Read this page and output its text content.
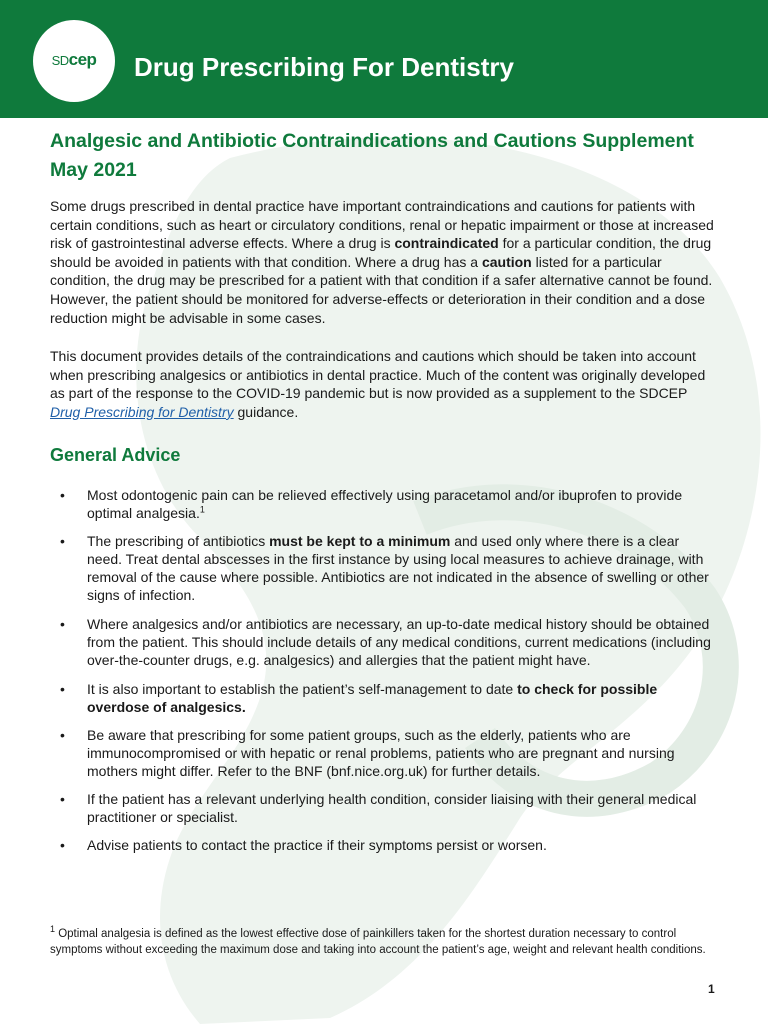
SDcep	Drug Prescribing For Dentistry
Analgesic and Antibiotic Contraindications and Cautions Supplement May 2021

Some drugs prescribed in dental practice have important contraindications and cautions for patients with certain conditions, such as heart or circulatory conditions, renal or hepatic impairment or those at increased risk of gastrointestinal adverse effects. Where a drug is contraindicated for a particular condition, the drug should be avoided in patients with that condition. Where a drug has a caution listed for a particular condition, the drug may be prescribed for a patient with that condition if a safer alternative cannot be found. However, the patient should be monitored for adverse-effects or deterioration in their condition and a dose reduction might be advisable in some cases.

This document provides details of the contraindications and cautions which should be taken into account when prescribing analgesics or antibiotics in dental practice. Much of the content was originally developed as part of the response to the COVID-19 pandemic but is now provided as a supplement to the SDCEP Drug Prescribing for Dentistry guidance.

General Advice
• Most odontogenic pain can be relieved effectively using paracetamol and/or ibuprofen to provide optimal analgesia.$^1$
• The prescribing of antibiotics must be kept to a minimum and used only where there is a clear need. Treat dental abscesses in the first instance by using local measures to achieve drainage, with removal of the cause where possible. Antibiotics are not indicated in the absence of swelling or other signs of infection.
• Where analgesics and/or antibiotics are necessary, an up-to-date medical history should be obtained from the patient. This should include details of any medical conditions, current medications (including over-the-counter drugs, e.g. analgesics) and allergies that the patient might have.
• It is also important to establish the patient’s self-management to date to check for possible overdose of analgesics.
• Be aware that prescribing for some patient groups, such as the elderly, patients who are immunocompromised or with hepatic or renal problems, patients who are pregnant and nursing mothers might differ. Refer to the BNF (bnf.nice.org.uk) for further details.
• If the patient has a relevant underlying health condition, consider liaising with their general medical practitioner or specialist.
• Advise patients to contact the practice if their symptoms persist or worsen.

$^1$ Optimal analgesia is defined as the lowest effective dose of painkillers taken for the shortest duration necessary to control symptoms without exceeding the maximum dose and taking into account the patient’s age, weight and relevant health conditions.

1
